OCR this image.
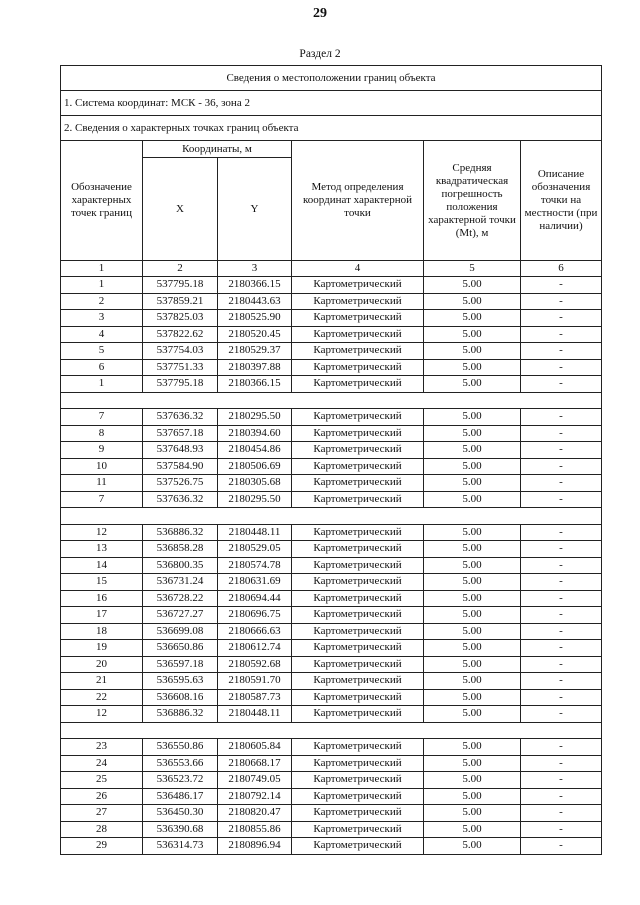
29
Раздел 2
Сведения о местоположении границ объекта					
1. Система координат: МСК - 36, зона 2					
2. Сведения о характерных точках границ объекта					
Обозначение характерных точек границ	Координаты, м		Метод определения координат характерной точки	Средняя квадратическая погрешность положения характерной точки (Mt), м	Описание обозначения точки на местности (при наличии)
	X	Y			
1	2	3	4	5	6
1	537795.18	2180366.15	Картометрический	5.00	-
2	537859.21	2180443.63	Картометрический	5.00	-
3	537825.03	2180525.90	Картометрический	5.00	-
4	537822.62	2180520.45	Картометрический	5.00	-
5	537754.03	2180529.37	Картометрический	5.00	-
6	537751.33	2180397.88	Картометрический	5.00	-
1	537795.18	2180366.15	Картометрический	5.00	-

7	537636.32	2180295.50	Картометрический	5.00	-
8	537657.18	2180394.60	Картометрический	5.00	-
9	537648.93	2180454.86	Картометрический	5.00	-
10	537584.90	2180506.69	Картометрический	5.00	-
11	537526.75	2180305.68	Картометрический	5.00	-
7	537636.32	2180295.50	Картометрический	5.00	-

12	536886.32	2180448.11	Картометрический	5.00	-
13	536858.28	2180529.05	Картометрический	5.00	-
14	536800.35	2180574.78	Картометрический	5.00	-
15	536731.24	2180631.69	Картометрический	5.00	-
16	536728.22	2180694.44	Картометрический	5.00	-
17	536727.27	2180696.75	Картометрический	5.00	-
18	536699.08	2180666.63	Картометрический	5.00	-
19	536650.86	2180612.74	Картометрический	5.00	-
20	536597.18	2180592.68	Картометрический	5.00	-
21	536595.63	2180591.70	Картометрический	5.00	-
22	536608.16	2180587.73	Картометрический	5.00	-
12	536886.32	2180448.11	Картометрический	5.00	-

23	536550.86	2180605.84	Картометрический	5.00	-
24	536553.66	2180668.17	Картометрический	5.00	-
25	536523.72	2180749.05	Картометрический	5.00	-
26	536486.17	2180792.14	Картометрический	5.00	-
27	536450.30	2180820.47	Картометрический	5.00	-
28	536390.68	2180855.86	Картометрический	5.00	-
29	536314.73	2180896.94	Картометрический	5.00	-
